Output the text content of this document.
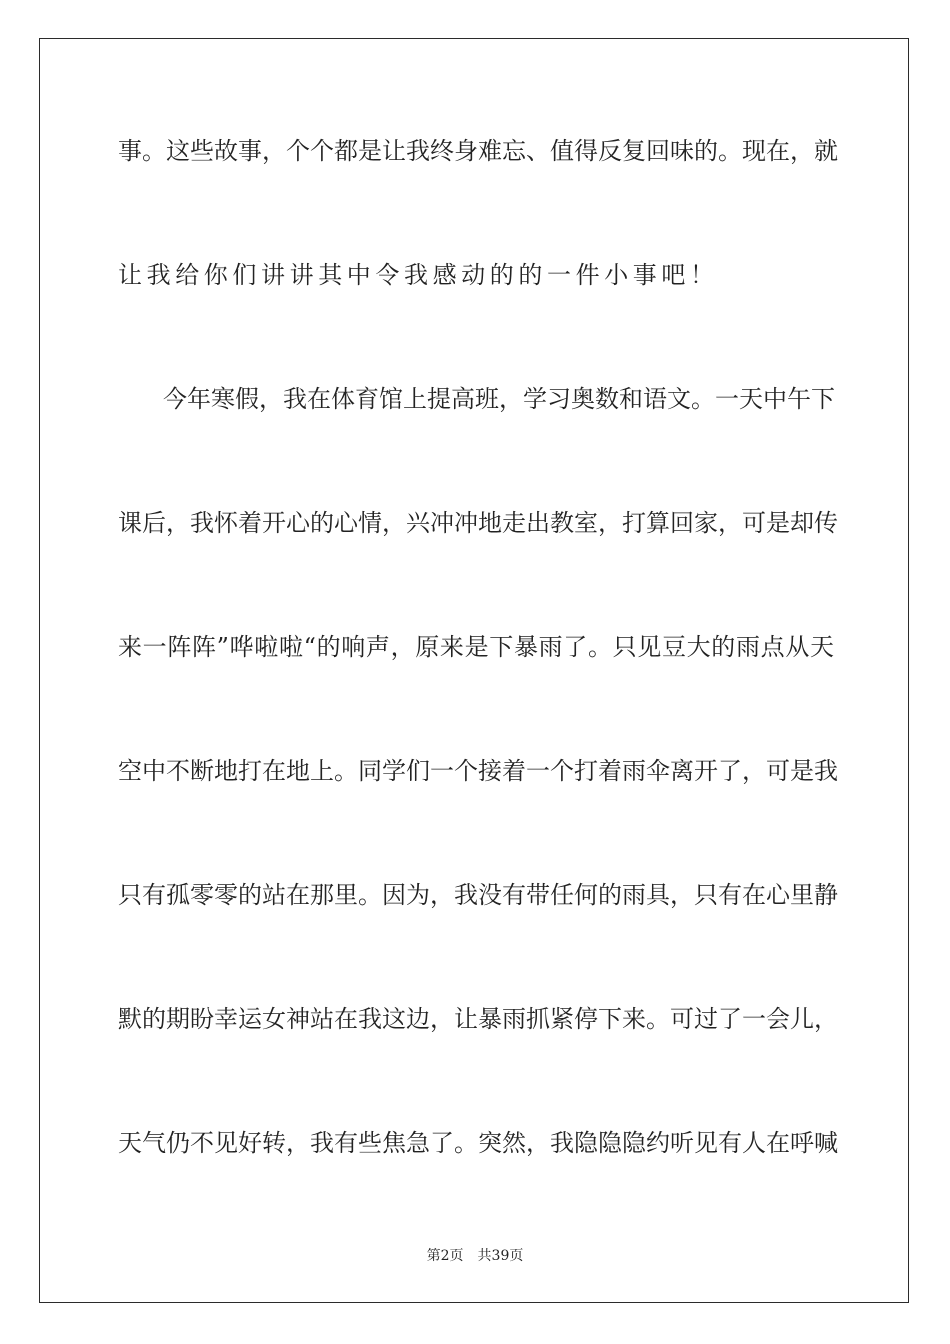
事。这些故事，个个都是让我终身难忘、值得反复回味的。现在，就
让我给你们讲讲其中令我感动的的一件小事吧！
今年寒假，我在体育馆上提高班，学习奥数和语文。一天中午下
课后，我怀着开心的心情，兴冲冲地走出教室，打算回家，可是却传
来一阵阵”哗啦啦“的响声，原来是下暴雨了。只见豆大的雨点从天
空中不断地打在地上。同学们一个接着一个打着雨伞离开了，可是我
只有孤零零的站在那里。因为，我没有带任何的雨具，只有在心里静
默的期盼幸运女神站在我这边，让暴雨抓紧停下来。可过了一会儿，
天气仍不见好转，我有些焦急了。突然，我隐隐隐约听见有人在呼喊
第2页 共39页
